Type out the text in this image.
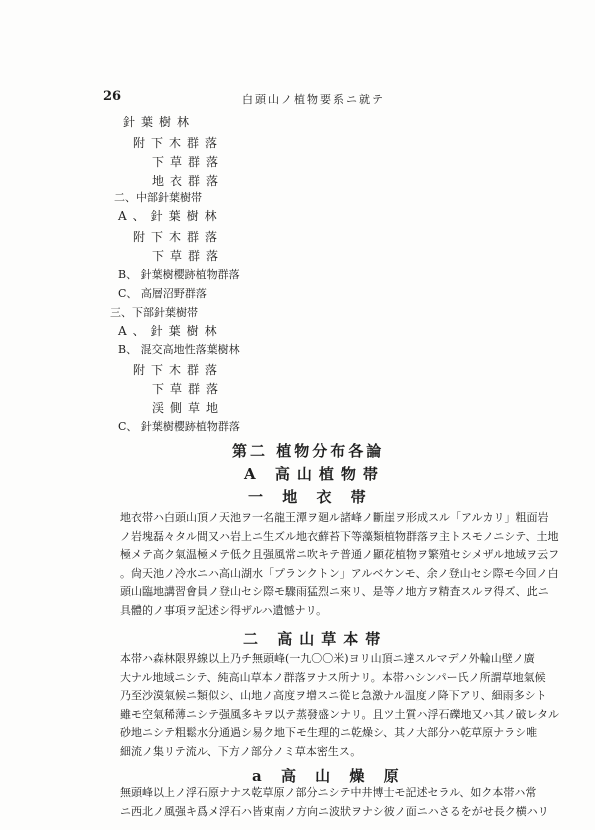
26	白頭山ノ植物要系ニ就テ
針葉樹林
附下木群落
下草群落
地衣群落
二、中部針葉樹帯
A、針葉樹林
附下木群落
下草群落
B、 針葉樹櫻跡植物群落
C、 高層沼野群落
三、下部針葉樹帯
A、針葉樹林
B、 混交高地性落葉樹林
附下木群落
下草群落
渓側草地
C、 針葉樹櫻跡植物群落
第二 植物分布各論
A 高山植物帯
一 地 衣 帯
地衣帯ハ白頭山頂ノ天池ヲ一名龍王潭ヲ廻ル諸峰ノ斷崖ヲ形成スル「アルカリ」粗面岩
ノ岩塊磊々タル間又ハ岩上ニ生ズル地衣蘚苔下等藻類植物群落ヲ主トスモノニシテ、土地
極メテ高ク氣温極メテ低ク且强風常ニ吹キテ普通ノ顯花植物ヲ繁殖セシメザル地域ヲ云フ
。尙天池ノ冷水ニハ高山湖水「プランクトン」アルベケンモ、余ノ登山セシ際モ今回ノ白
頭山臨地講習會員ノ登山セシ際モ驟雨猛烈ニ來リ、是等ノ地方ヲ精査スルヲ得ズ、此ニ
具體的ノ事項ヲ記述シ得ザルハ遺憾ナリ。
二 高山草本帯
本帯ハ森林限界線以上乃チ無頭峰(一九〇〇米)ヨリ山頂ニ達スルマデノ外輪山壁ノ廣
大ナル地域ニシテ、純高山草本ノ群落ヲナス所ナリ。本帯ハシンパー氏ノ所謂草地氣候
乃至沙漠氣候ニ類似シ、山地ノ高度ヲ增スニ從ヒ急激ナル温度ノ降下アリ、細雨多シト
雖モ空氣稀薄ニシテ强風多キヲ以テ蒸發盛ンナリ。且ツ土質ハ浮石礫地又ハ其ノ破レタル
砂地ニシテ粗鬆水分通過シ易ク地下モ生理的ニ乾燥シ、其ノ大部分ハ乾草原ナラシ唯
細流ノ集リテ流ル、下方ノ部分ノミ草本密生ス。
a 高 山 燥 原
無頭峰以上ノ浮石原ナナス乾草原ノ部分ニシテ中井博士モ記述セラル、如ク本帯ハ常
ニ西北ノ風强キ爲メ浮石ハ皆東南ノ方向ニ波狀ヲナシ彼ノ面ニハさるをがせ長ク横ハリ
